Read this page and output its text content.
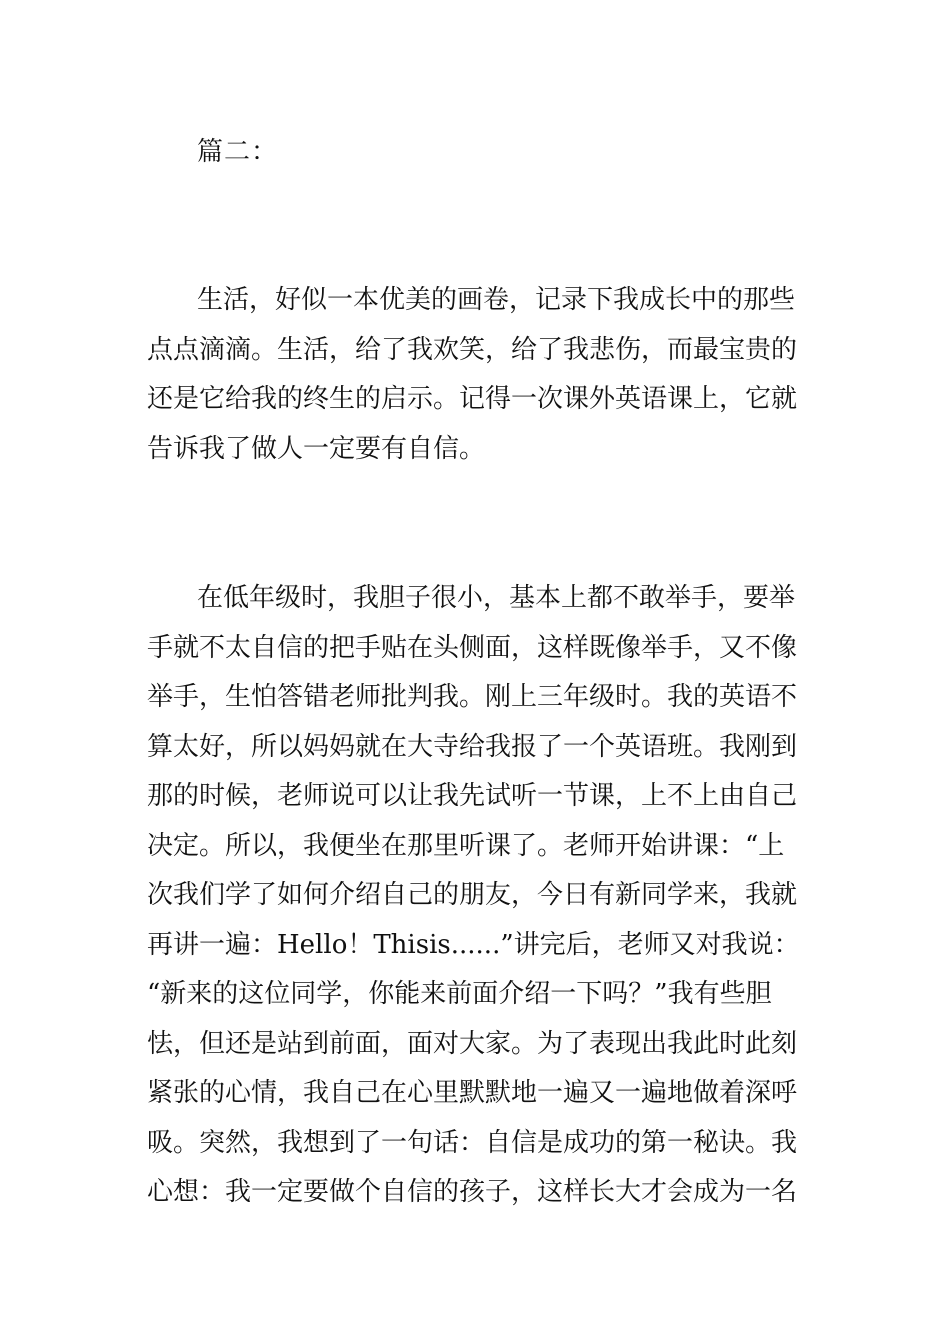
篇二：
生活，好似一本优美的画卷，记录下我成长中的那些
点点滴滴。生活，给了我欢笑，给了我悲伤，而最宝贵的
还是它给我的终生的启示。记得一次课外英语课上，它就
告诉我了做人一定要有自信。
在低年级时，我胆子很小，基本上都不敢举手，要举
手就不太自信的把手贴在头侧面，这样既像举手，又不像
举手，生怕答错老师批判我。刚上三年级时。我的英语不
算太好，所以妈妈就在大寺给我报了一个英语班。我刚到
那的时候，老师说可以让我先试听一节课，上不上由自己
决定。所以，我便坐在那里听课了。老师开始讲课：“上
次我们学了如何介绍自己的朋友，今日有新同学来，我就
再讲一遍：Hello！Thisis......”讲完后，老师又对我说：
“新来的这位同学，你能来前面介绍一下吗？”我有些胆
怯，但还是站到前面，面对大家。为了表现出我此时此刻
紧张的心情，我自己在心里默默地一遍又一遍地做着深呼
吸。突然，我想到了一句话：自信是成功的第一秘诀。我
心想：我一定要做个自信的孩子，这样长大才会成为一名
